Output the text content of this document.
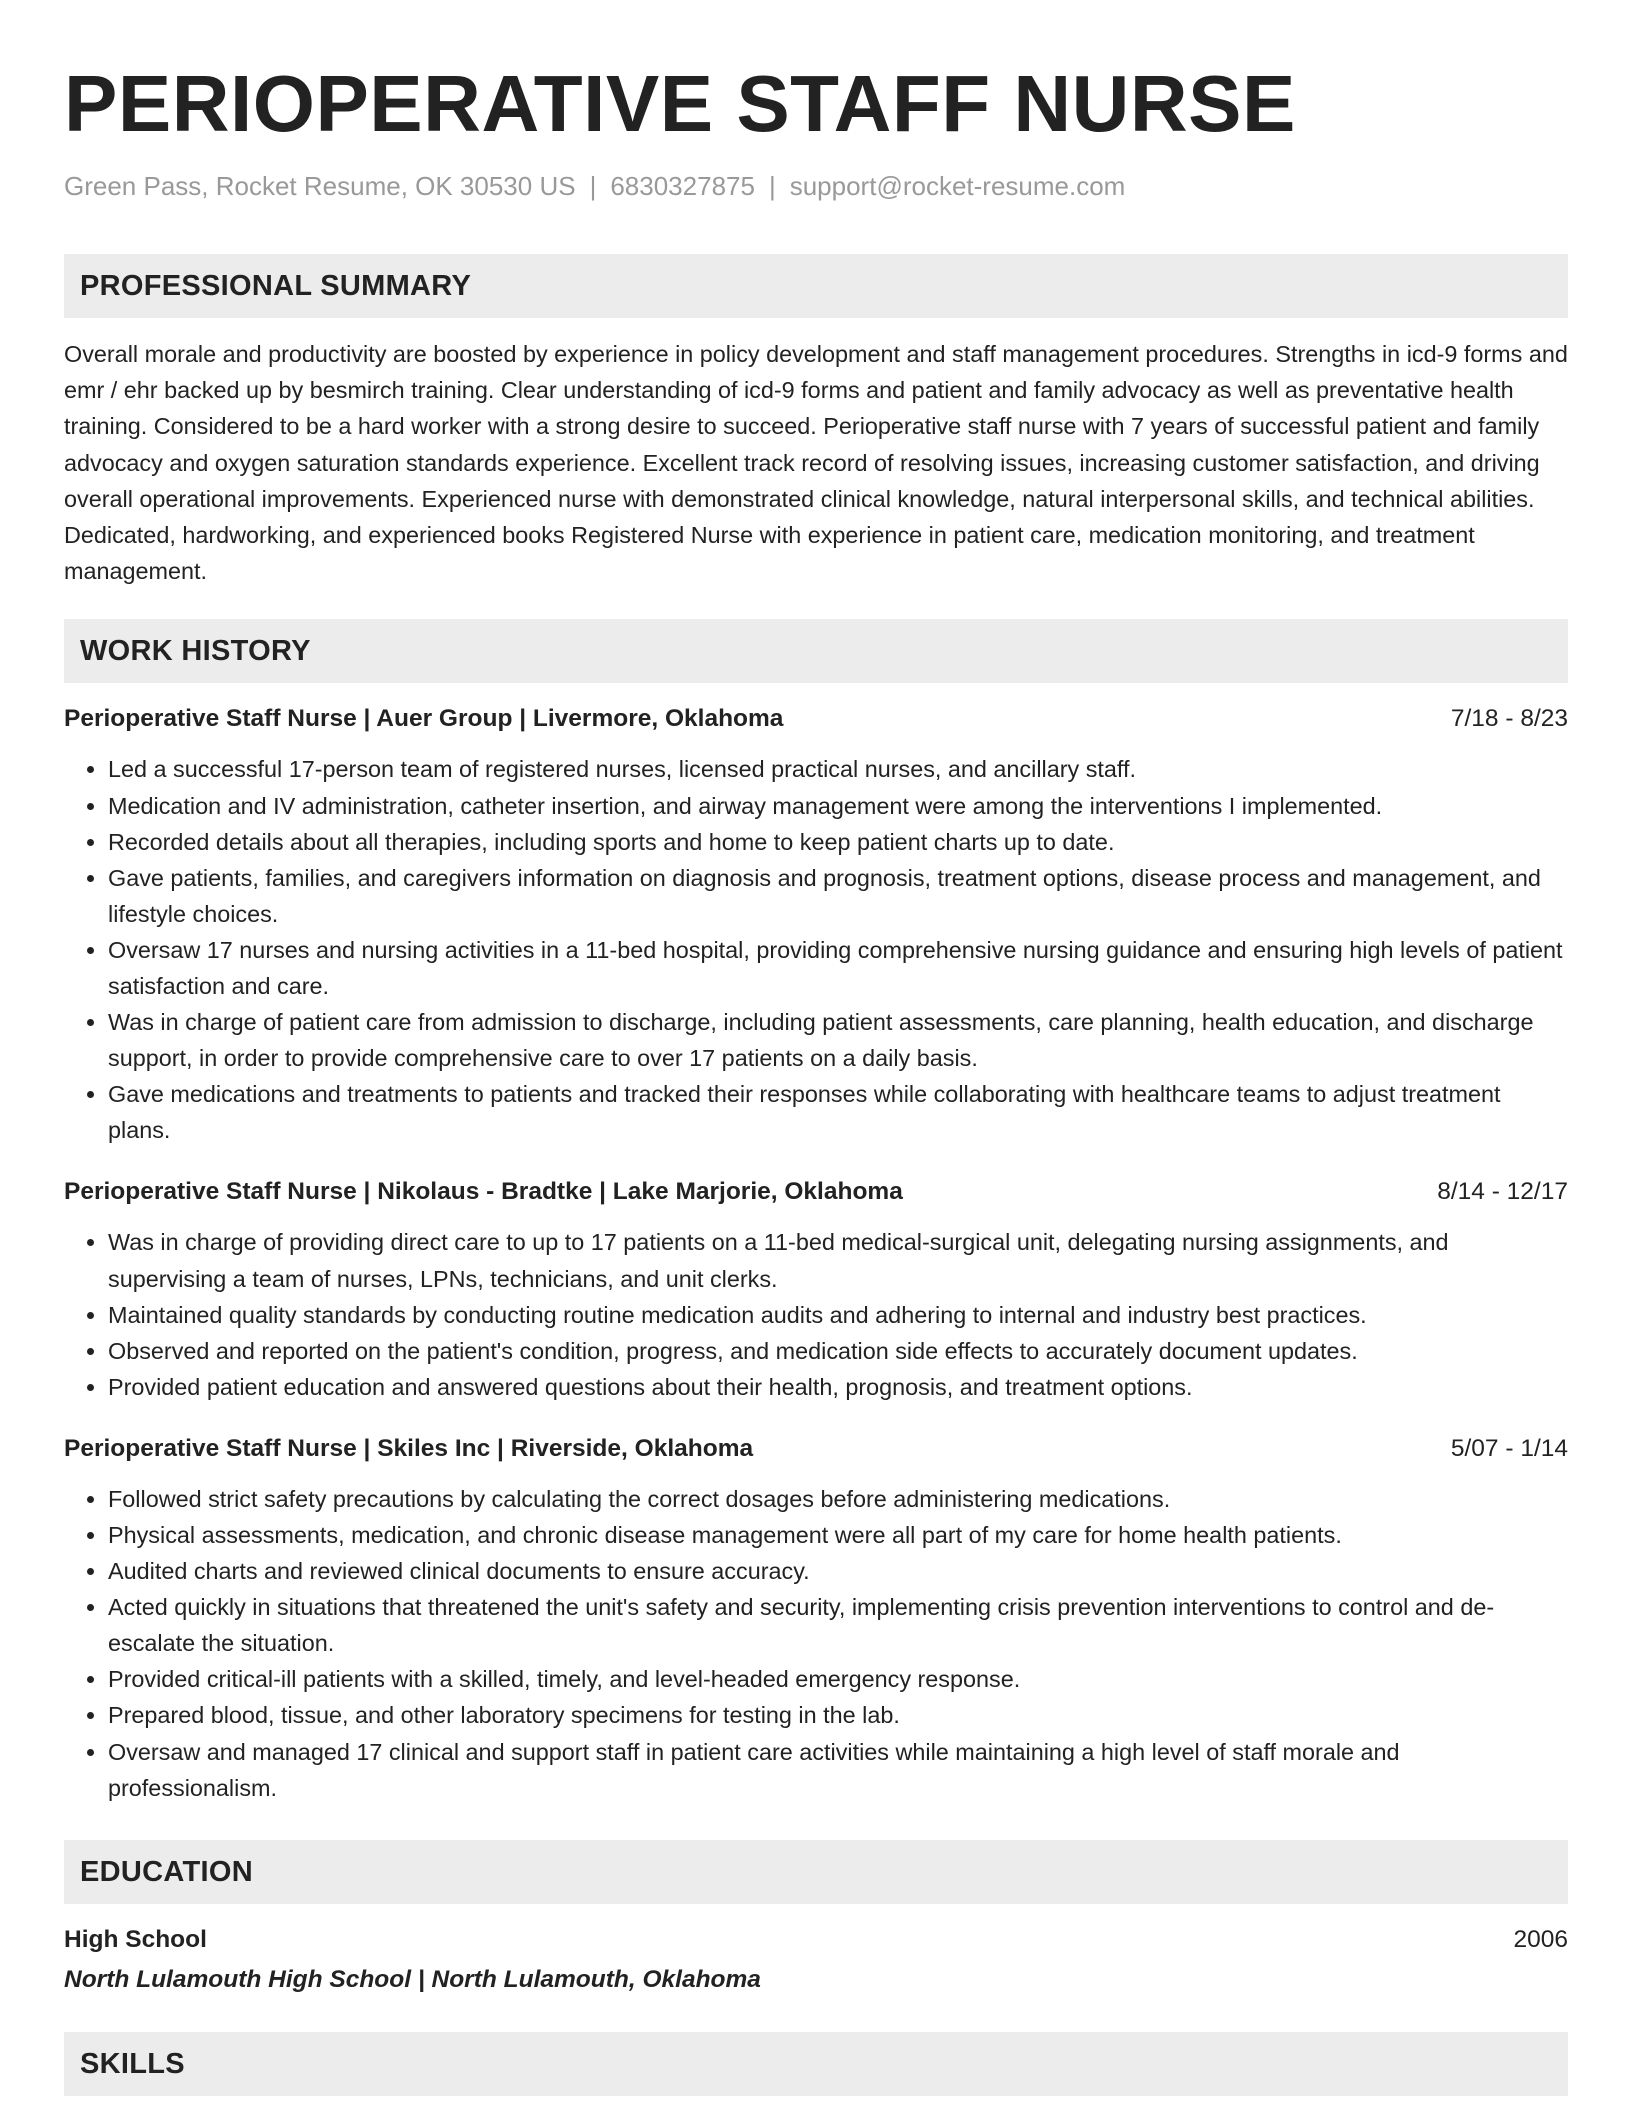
PERIOPERATIVE STAFF NURSE
Green Pass, Rocket Resume, OK 30530 US | 6830327875 | support@rocket-resume.com
PROFESSIONAL SUMMARY
Overall morale and productivity are boosted by experience in policy development and staff management procedures. Strengths in icd-9 forms and emr / ehr backed up by besmirch training. Clear understanding of icd-9 forms and patient and family advocacy as well as preventative health training. Considered to be a hard worker with a strong desire to succeed. Perioperative staff nurse with 7 years of successful patient and family advocacy and oxygen saturation standards experience. Excellent track record of resolving issues, increasing customer satisfaction, and driving overall operational improvements. Experienced nurse with demonstrated clinical knowledge, natural interpersonal skills, and technical abilities. Dedicated, hardworking, and experienced books Registered Nurse with experience in patient care, medication monitoring, and treatment management.
WORK HISTORY
Perioperative Staff Nurse | Auer Group | Livermore, Oklahoma	7/18 - 8/23
• Led a successful 17-person team of registered nurses, licensed practical nurses, and ancillary staff.
• Medication and IV administration, catheter insertion, and airway management were among the interventions I implemented.
• Recorded details about all therapies, including sports and home to keep patient charts up to date.
• Gave patients, families, and caregivers information on diagnosis and prognosis, treatment options, disease process and management, and lifestyle choices.
• Oversaw 17 nurses and nursing activities in a 11-bed hospital, providing comprehensive nursing guidance and ensuring high levels of patient satisfaction and care.
• Was in charge of patient care from admission to discharge, including patient assessments, care planning, health education, and discharge support, in order to provide comprehensive care to over 17 patients on a daily basis.
• Gave medications and treatments to patients and tracked their responses while collaborating with healthcare teams to adjust treatment plans.
Perioperative Staff Nurse | Nikolaus - Bradtke | Lake Marjorie, Oklahoma	8/14 - 12/17
• Was in charge of providing direct care to up to 17 patients on a 11-bed medical-surgical unit, delegating nursing assignments, and supervising a team of nurses, LPNs, technicians, and unit clerks.
• Maintained quality standards by conducting routine medication audits and adhering to internal and industry best practices.
• Observed and reported on the patient's condition, progress, and medication side effects to accurately document updates.
• Provided patient education and answered questions about their health, prognosis, and treatment options.
Perioperative Staff Nurse | Skiles Inc | Riverside, Oklahoma	5/07 - 1/14
• Followed strict safety precautions by calculating the correct dosages before administering medications.
• Physical assessments, medication, and chronic disease management were all part of my care for home health patients.
• Audited charts and reviewed clinical documents to ensure accuracy.
• Acted quickly in situations that threatened the unit's safety and security, implementing crisis prevention interventions to control and de-escalate the situation.
• Provided critical-ill patients with a skilled, timely, and level-headed emergency response.
• Prepared blood, tissue, and other laboratory specimens for testing in the lab.
• Oversaw and managed 17 clinical and support staff in patient care activities while maintaining a high level of staff morale and professionalism.
EDUCATION
High School	2006
North Lulamouth High School | North Lulamouth, Oklahoma
SKILLS
